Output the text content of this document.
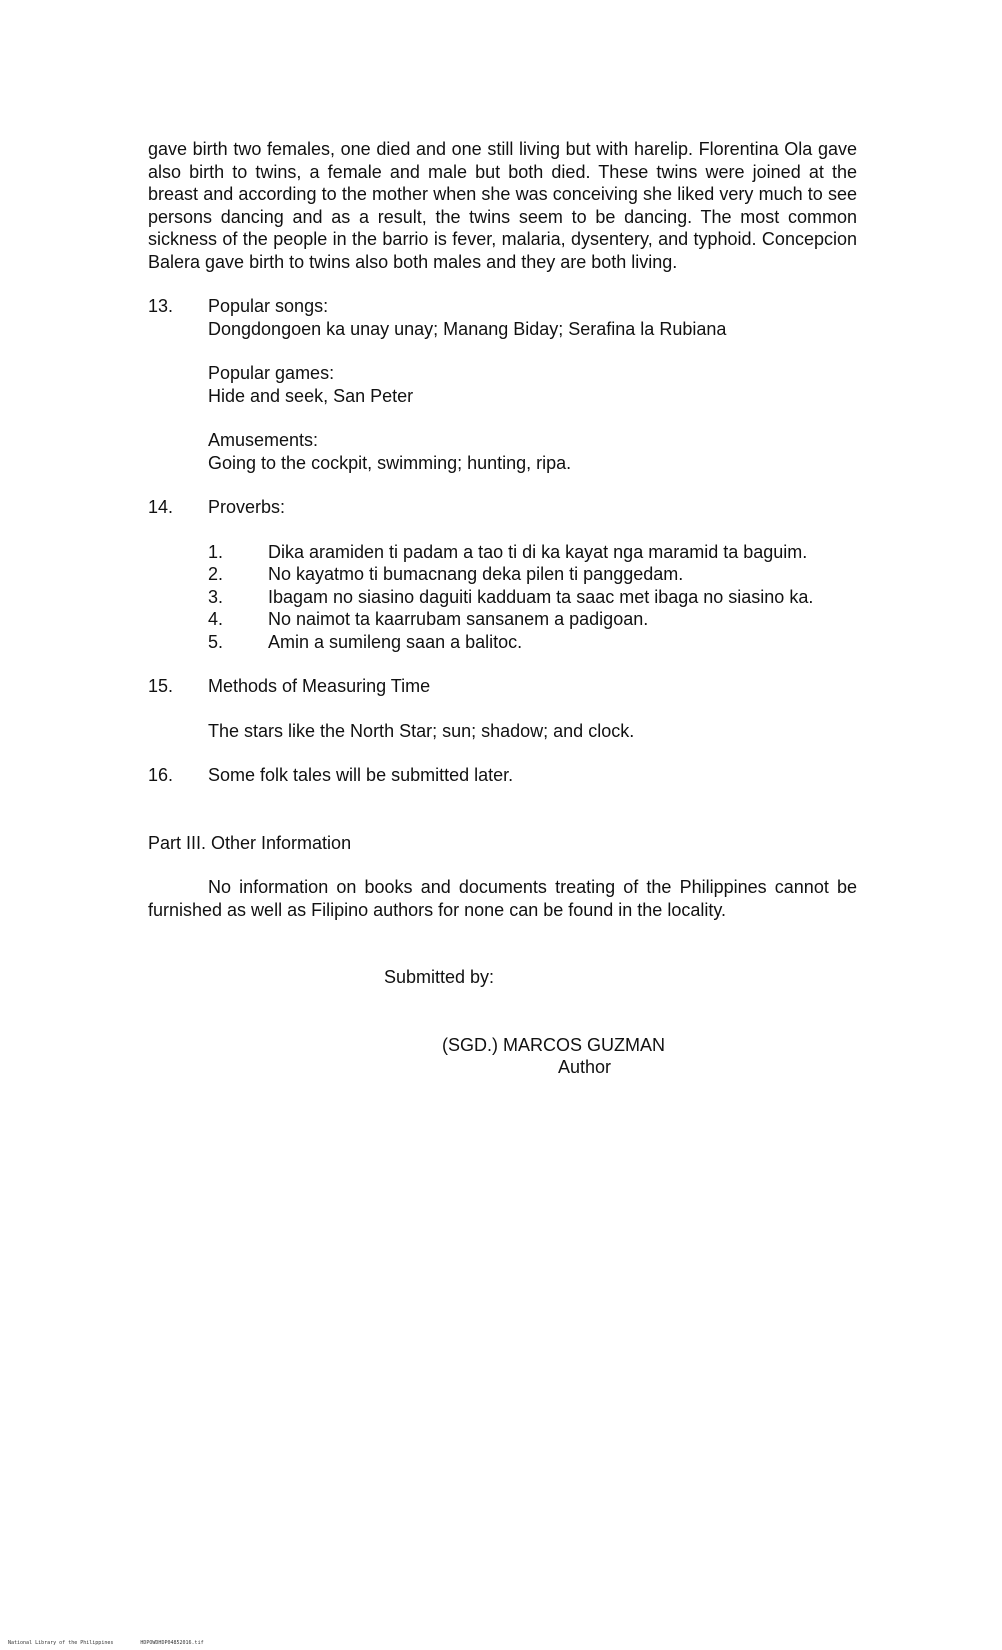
gave birth two females, one died and one still living but with harelip. Florentina Ola gave also birth to twins, a female and male but both died. These twins were joined at the breast and according to the mother when she was conceiving she liked very much to see persons dancing and as a result, the twins seem to be dancing. The most common sickness of the people in the barrio is fever, malaria, dysentery, and typhoid. Concepcion Balera gave birth to twins also both males and they are both living.

13.	Popular songs:
Dongdongoen ka unay unay; Manang Biday; Serafina la Rubiana
Popular games:
Hide and seek, San Peter
Amusements:
Going to the cockpit, swimming; hunting, ripa.
14.	Proverbs:
1.	Dika aramiden ti padam a tao ti di ka kayat nga maramid ta baguim.
2.	No kayatmo ti bumacnang deka pilen ti panggedam.
3.	Ibagam no siasino daguiti kadduam ta saac met ibaga no siasino ka.
4.	No naimot ta kaarrubam sansanem a padigoan.
5.	Amin a sumileng saan a balitoc.
15.	Methods of Measuring Time
The stars like the North Star; sun; shadow; and clock.
16.	Some folk tales will be submitted later.
Part III. Other Information

No information on books and documents treating of the Philippines cannot be furnished as well as Filipino authors for none can be found in the locality.

Submitted by:
(SGD.) MARCOS GUZMAN
Author
National Library of the Philippines	HDPOWDHDP04852016.tif
